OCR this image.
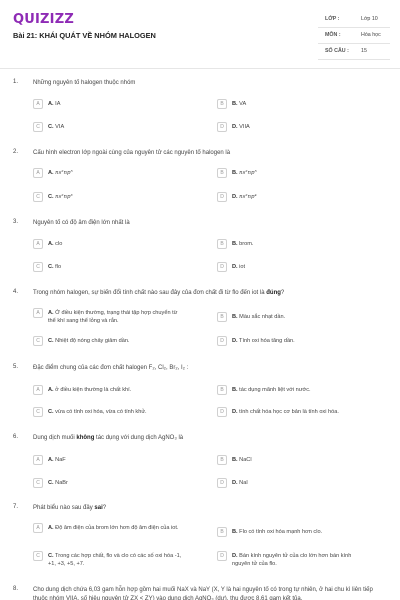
QUIZIZZ
Bài 21: KHÁI QUÁT VỀ NHÓM HALOGEN
LỚP :	Lớp 10
MÔN :	Hóa học
SỐ CÂU : 15
1. Những nguyên tố halogen thuộc nhóm
A	A. IA	B	B. VA
C	C. VIA	D	D. VIIA
2. Cấu hình electron lớp ngoài cùng của nguyên tử các nguyên tố halogen là
A	A. ns²np⁵	B	B. ns²np⁵
C	C. ns²np³	D	D. ns²np⁴
3. Nguyên tố có độ âm điện lớn nhất là
A	A. clo	B	B. brom.
C	C. flo	D	D. iot
4. Trong nhóm halogen, sự biến đổi tính chất nào sau đây của đơn chất đi từ flo đến iot là đúng?
A	A. Ở điều kiện thường, trạng thái tập hợp chuyển từ thể khí sang thể lỏng và rắn.
B	B. Màu sắc nhạt dần.
C	C. Nhiệt độ nóng chảy giảm dần.	D	D. Tính oxi hóa tăng dần.
5. Đặc điểm chung của các đơn chất halogen F₂, Cl₂, Br₂, I₂ :
A	A. ở điều kiện thường là chất khí.	B	B. tác dụng mãnh liệt với nước.
C	C. vừa có tính oxi hóa, vừa có tính khử.	D	D. tính chất hóa học cơ bản là tính oxi hóa.
6. Dung dịch muối không tác dụng với dung dịch AgNO₃ là
A	A. NaF	B	B. NaCl
C	C. NaBr	D	D. NaI
7. Phát biểu nào sau đây sai?
A	A. Độ âm điện của brom lớn hơn độ âm điện của iot.
B	B. Flo có tính oxi hóa mạnh hơn clo.
C	C. Trong các hợp chất, flo và clo có các số oxi hóa -1, +1, +3, +5, +7.
D	D. Bán kính nguyên tử của clo lớn hơn bán kính nguyên tử của flo.
8. Cho dung dịch chứa 6,03 gam hỗn hợp gồm hai muối NaX và NaY (X, Y là hai nguyên tố có trong tự nhiên, ở hai chu kì liên tiếp thuộc nhóm VIIA, số hiệu nguyên tử ZX < ZY) vào dung dịch AgNO₃ (dư), thu được 8,61 gam kết tủa.
